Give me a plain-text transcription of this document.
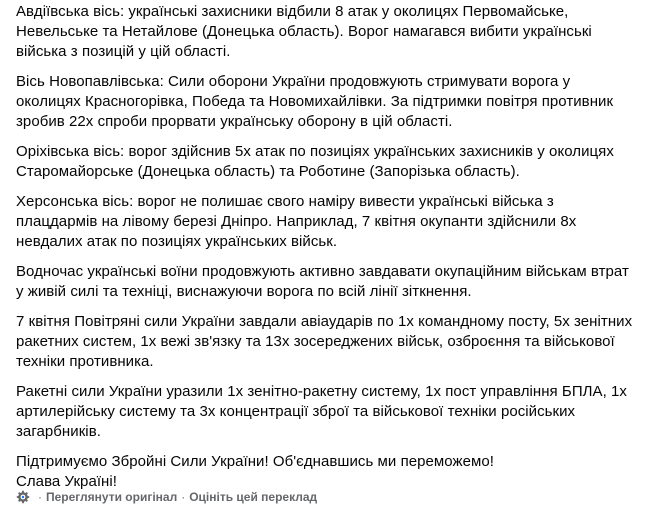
Авдіївська вісь: українські захисники відбили 8 атак у околицях Первомайське, Невельське та Нетайлове (Донецька область). Ворог намагався вибити українські війська з позицій у цій області.

Вісь Новопавлівська: Сили оборони України продовжують стримувати ворога у околицях Красногорівка, Победа та Новомихайлівки. За підтримки повітря противник зробив 22х спроби прорвати українську оборону в цій області.

Оріхівська вісь: ворог здійснив 5х атак по позиціях українських захисників у околицях Старомайорське (Донецька область) та Роботине (Запорізька область).

Херсонська вісь: ворог не полишає свого наміру вивести українські війська з плацдармів на лівому березі Дніпро. Наприклад, 7 квітня окупанти здійснили 8х невдалих атак по позиціях українських військ.

Водночас українські воїни продовжують активно завдавати окупаційним військам втрат у живій силі та техніці, виснажуючи ворога по всій лінії зіткнення.

7 квітня Повітряні сили України завдали авіаударів по 1х командному посту, 5х зенітних ракетних систем, 1х вежі зв'язку та 13х зосереджених військ, озброєння та військової техніки противника.

Ракетні сили України уразили 1х зенітно-ракетну систему, 1х пост управління БПЛА, 1х артилерійську систему та 3х концентрації зброї та військової техніки російських загарбників.

Підтримуємо Збройні Сили України! Об'єднавшись ми переможемо!
Слава Україні!

· Переглянути оригінал · Оцініть цей переклад
